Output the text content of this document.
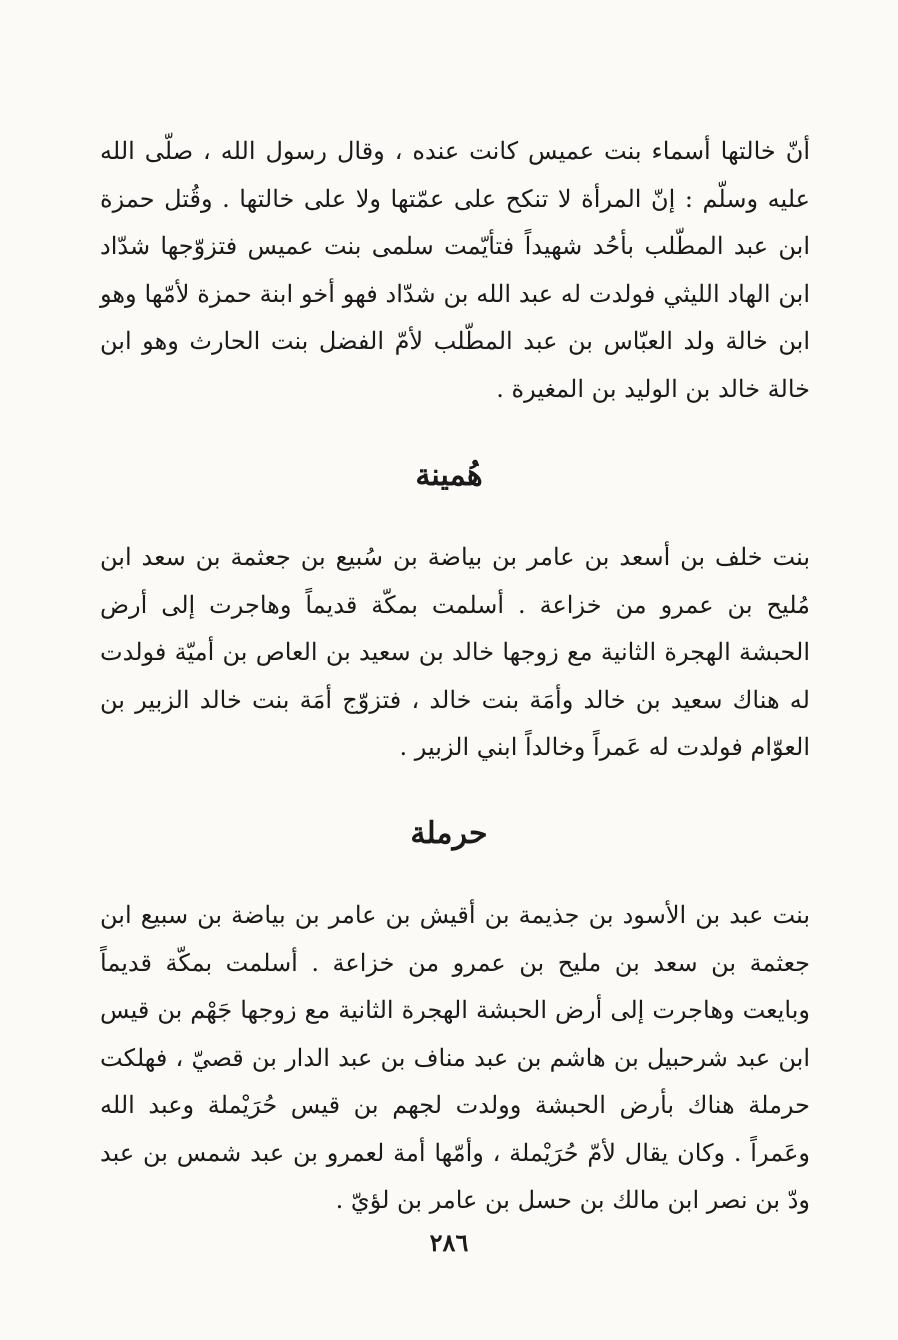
أنّ خالتها أسماء بنت عميس كانت عنده ، وقال رسول الله ، صلّى الله عليه وسلّم : إنّ المرأة لا تنكح على عمّتها ولا على خالتها . وقُتل حمزة ابن عبد المطّلب بأحُد شهيداً فتأيّمت سلمى بنت عميس فتزوّجها شدّاد ابن الهاد الليثي فولدت له عبد الله بن شدّاد فهو أخو ابنة حمزة لأمّها وهو ابن خالة ولد العبّاس بن عبد المطّلب لأمّ الفضل بنت الحارث وهو ابن خالة خالد بن الوليد بن المغيرة .

هُمينة

بنت خلف بن أسعد بن عامر بن بياضة بن سُبيع بن جعثمة بن سعد ابن مُليح بن عمرو من خزاعة . أسلمت بمكّة قديماً وهاجرت إلى أرض الحبشة الهجرة الثانية مع زوجها خالد بن سعيد بن العاص بن أميّة فولدت له هناك سعيد بن خالد وأمَة بنت خالد ، فتزوّج أمَة بنت خالد الزبير بن العوّام فولدت له عَمراً وخالداً ابني الزبير .

حرملة

بنت عبد بن الأسود بن جذيمة بن أقيش بن عامر بن بياضة بن سبيع ابن جعثمة بن سعد بن مليح بن عمرو من خزاعة . أسلمت بمكّة قديماً وبايعت وهاجرت إلى أرض الحبشة الهجرة الثانية مع زوجها جَهْم بن قيس ابن عبد شرحبيل بن هاشم بن عبد مناف بن عبد الدار بن قصيّ ، فهلكت حرملة هناك بأرض الحبشة وولدت لجهم بن قيس حُرَيْملة وعبد الله وعَمراً . وكان يقال لأمّ حُرَيْملة ، وأمّها أمة لعمرو بن عبد شمس بن عبد ودّ بن نصر ابن مالك بن حسل بن عامر بن لؤيّ .

٢٨٦
